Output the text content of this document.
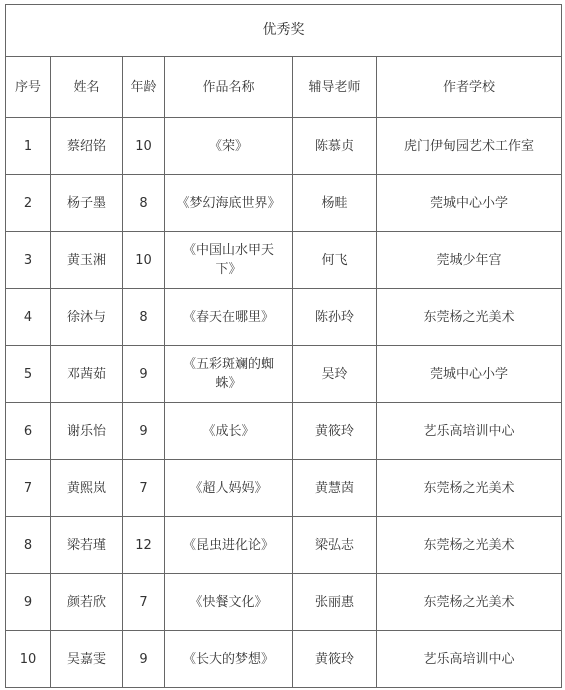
优秀奖					
序号	姓名	年龄	作品名称	辅导老师	作者学校
1	蔡绍铭	10	《荣》	陈慕贞	虎门伊甸园艺术工作室
2	杨子墨	8	《梦幻海底世界》	杨畦	莞城中心小学
3	黄玉湘	10	《中国山水甲天下》	何飞	莞城少年宫
4	徐沐与	8	《春天在哪里》	陈孙玲	东莞杨之光美术
5	邓茜茹	9	《五彩斑斓的蜘蛛》	吴玲	莞城中心小学
6	谢乐怡	9	《成长》	黄筱玲	艺乐高培训中心
7	黄熙岚	7	《超人妈妈》	黄慧茵	东莞杨之光美术
8	梁若瑾	12	《昆虫进化论》	梁弘志	东莞杨之光美术
9	颜若欣	7	《快餐文化》	张丽惠	东莞杨之光美术
10	吴嘉雯	9	《长大的梦想》	黄筱玲	艺乐高培训中心
